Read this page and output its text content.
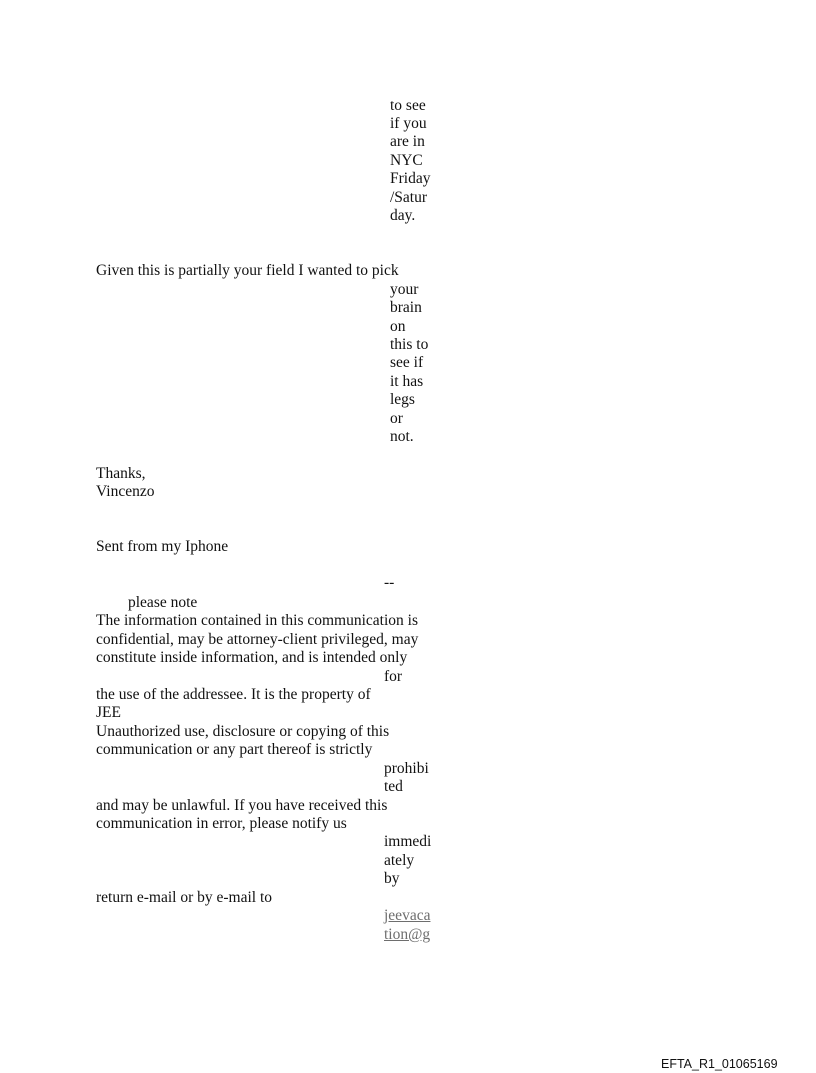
to see

if you

are in

NYC

Friday

/Satur

day.

Given this is partially your field I wanted to pick

your

brain

on

this to

see if

it has

legs

or

not.

Thanks,

Vincenzo

Sent from my Iphone

--

please note

The information contained in this communication is

confidential, may be attorney-client privileged, may

constitute inside information, and is intended only

for

the use of the addressee. It is the property of

JEE

Unauthorized use, disclosure or copying of this

communication or any part thereof is strictly

prohibi

ted

and may be unlawful. If you have received this

communication in error, please notify us

immedi

ately

by

return e-mail or by e-mail to

jeevaca
tion@g

EFTA_R1_01065169
